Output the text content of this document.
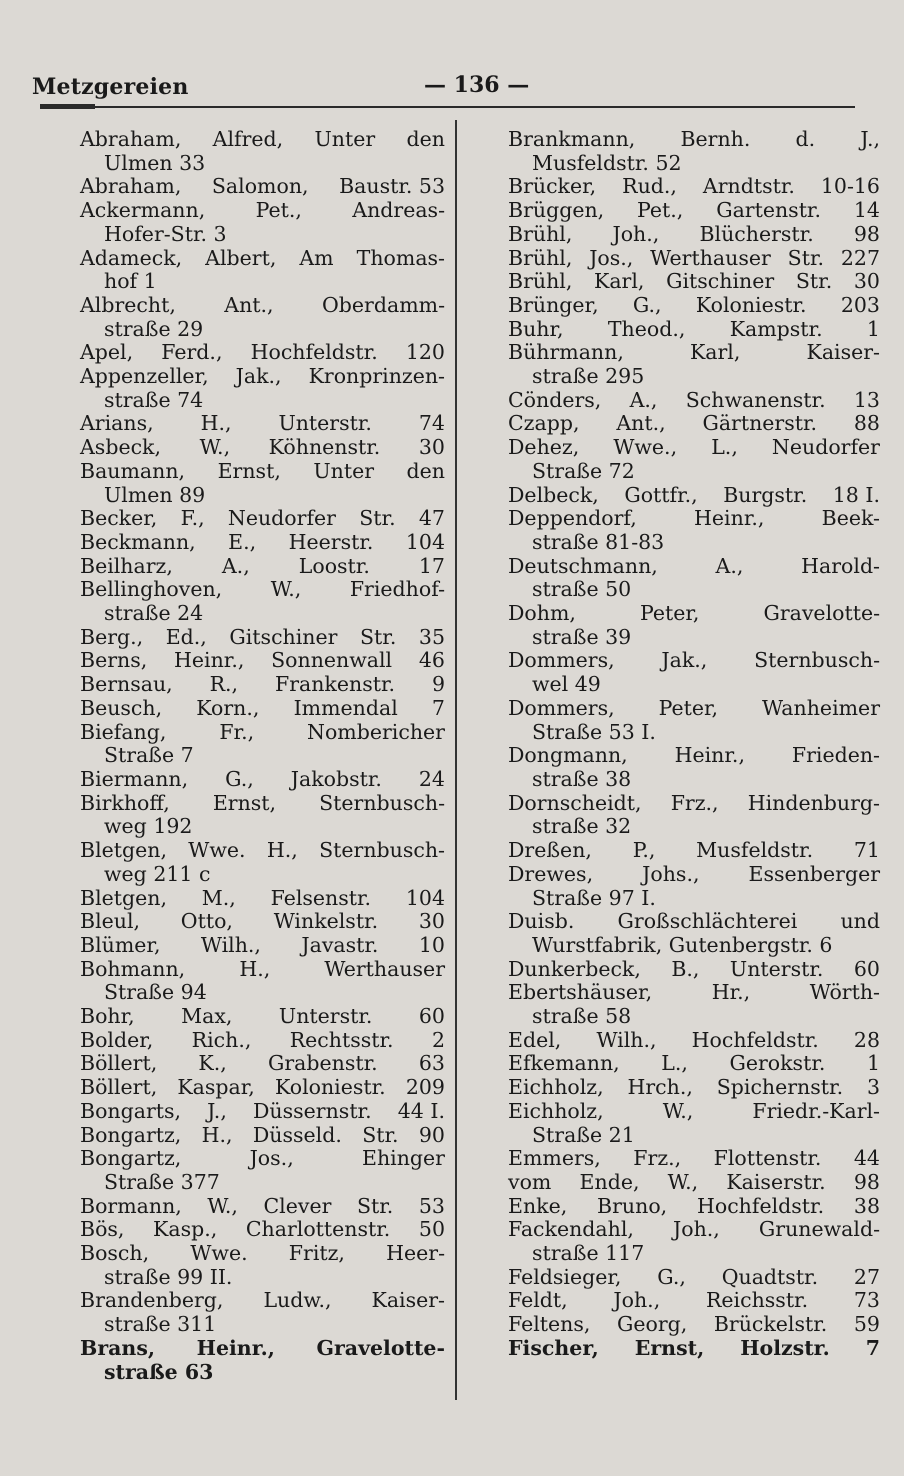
Metzgereien	— 136 —
Abraham, Alfred, Unter den
Ulmen 33
Abraham, Salomon, Baustr. 53
Ackermann, Pet., Andreas-
Hofer-Str. 3
Adameck, Albert, Am Thomas-
hof 1
Albrecht, Ant., Oberdamm-
straße 29
Apel, Ferd., Hochfeldstr. 120
Appenzeller, Jak., Kronprinzen-
straße 74
Arians, H., Unterstr. 74
Asbeck, W., Köhnenstr. 30
Baumann, Ernst, Unter den
Ulmen 89
Becker, F., Neudorfer Str. 47
Beckmann, E., Heerstr. 104
Beilharz, A., Loostr. 17
Bellinghoven, W., Friedhof-
straße 24
Berg., Ed., Gitschiner Str. 35
Berns, Heinr., Sonnenwall 46
Bernsau, R., Frankenstr. 9
Beusch, Korn., Immendal 7
Biefang,	Fr.,	Nombericher
Straße 7
Biermann, G., Jakobstr. 24
Birkhoff, Ernst, Sternbusch-
weg 192
Bletgen, Wwe. H., Sternbusch-
weg 211 c
Bletgen, M., Felsenstr. 104
Bleul, Otto, Winkelstr. 30
Blümer, Wilh., Javastr. 10
Bohmann,	H.,	Werthauser
Straße 94
Bohr, Max, Unterstr. 60
Bolder, Rich., Rechtsstr. 2
Böllert, K., Grabenstr. 63
Böllert, Kaspar, Koloniestr. 209
Bongarts, J., Düssernstr. 44 I.
Bongartz, H., Düsseld. Str. 90
Bongartz,	Jos.,	Ehinger
Straße 377
Bormann, W., Clever Str. 53
Bös, Kasp., Charlottenstr. 50
Bosch, Wwe. Fritz, Heer-
straße 99 II.
Brandenberg, Ludw., Kaiser-
straße 311
Brans, Heinr., Gravelotte-
straße 63
Brankmann, Bernh. d. J.,
Musfeldstr. 52
Brücker, Rud., Arndtstr. 10-16
Brüggen, Pet., Gartenstr. 14
Brühl, Joh., Blücherstr. 98
Brühl, Jos., Werthauser Str. 227
Brühl, Karl, Gitschiner Str. 30
Brünger, G., Koloniestr. 203
Buhr, Theod., Kampstr. 1
Bührmann,	Karl,	Kaiser-
straße 295
Cönders, A., Schwanenstr. 13
Czapp, Ant., Gärtnerstr. 88
Dehez, Wwe., L., Neudorfer
Straße 72
Delbeck, Gottfr., Burgstr. 18 I.
Deppendorf,	Heinr.,	Beek-
straße 81-83
Deutschmann,	A.,	Harold-
straße 50
Dohm,	Peter,	Gravelotte-
straße 39
Dommers, Jak., Sternbusch-
wel 49
Dommers, Peter, Wanheimer
Straße 53 I.
Dongmann, Heinr., Frieden-
straße 38
Dornscheidt, Frz., Hindenburg-
straße 32
Dreßen, P., Musfeldstr. 71
Drewes, Johs., Essenberger
Straße 97 I.
Duisb. Großschlächterei und
Wurstfabrik, Gutenbergstr. 6
Dunkerbeck, B., Unterstr. 60
Ebertshäuser,	Hr.,	Wörth-
straße 58
Edel, Wilh., Hochfeldstr. 28
Efkemann, L., Gerokstr. 1
Eichholz, Hrch., Spichernstr. 3
Eichholz,	W.,	Friedr.-Karl-
Straße 21
Emmers, Frz., Flottenstr. 44
vom Ende, W., Kaiserstr. 98
Enke, Bruno, Hochfeldstr. 38
Fackendahl, Joh., Grunewald-
straße 117
Feldsieger, G., Quadtstr. 27
Feldt, Joh., Reichsstr. 73
Feltens, Georg, Brückelstr. 59
Fischer, Ernst, Holzstr. 7
